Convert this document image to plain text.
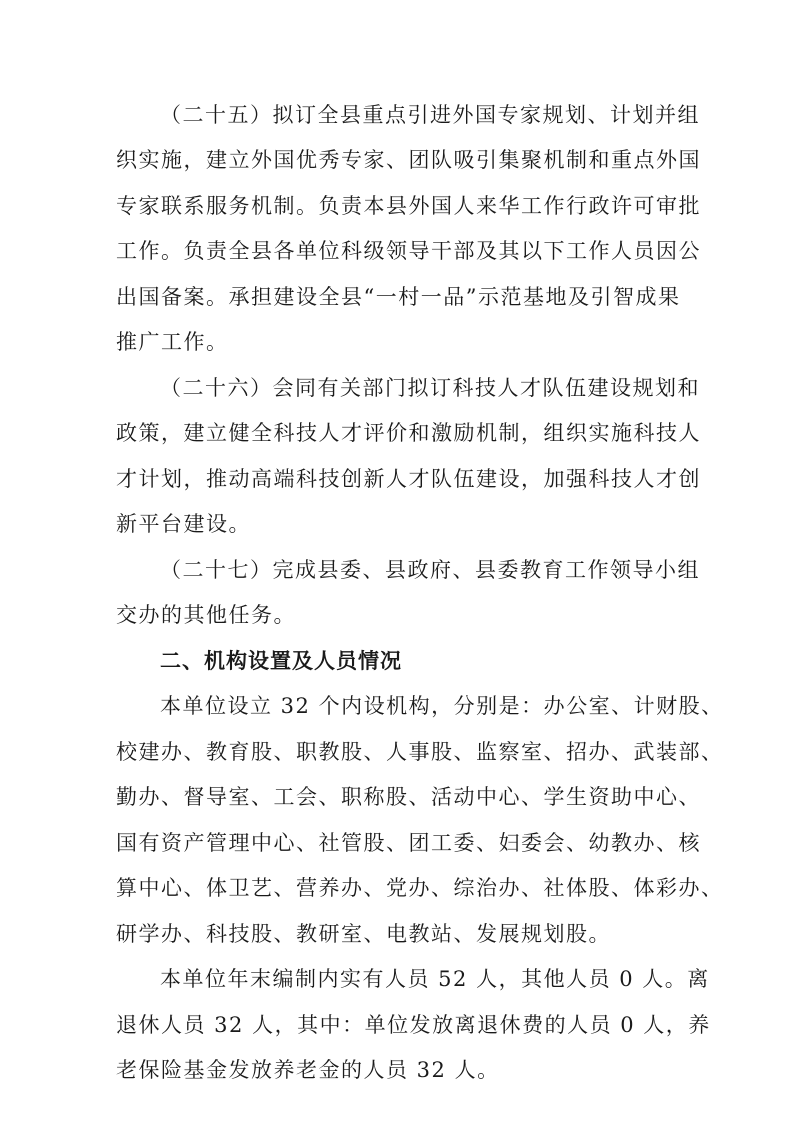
（二十五）拟订全县重点引进外国专家规划、计划并组
织实施，建立外国优秀专家、团队吸引集聚机制和重点外国
专家联系服务机制。负责本县外国人来华工作行政许可审批
工作。负责全县各单位科级领导干部及其以下工作人员因公
出国备案。承担建设全县“一村一品”示范基地及引智成果
推广工作。
（二十六）会同有关部门拟订科技人才队伍建设规划和
政策，建立健全科技人才评价和激励机制，组织实施科技人
才计划，推动高端科技创新人才队伍建设，加强科技人才创
新平台建设。
（二十七）完成县委、县政府、县委教育工作领导小组
交办的其他任务。
二、机构设置及人员情况
本单位设立 32 个内设机构，分别是：办公室、计财股、
校建办、教育股、职教股、人事股、监察室、招办、武装部、
勤办、督导室、工会、职称股、活动中心、学生资助中心、
国有资产管理中心、社管股、团工委、妇委会、幼教办、核
算中心、体卫艺、营养办、党办、综治办、社体股、体彩办、
研学办、科技股、教研室、电教站、发展规划股。
本单位年末编制内实有人员 52 人，其他人员 0 人。离
退休人员 32 人，其中：单位发放离退休费的人员 0 人，养
老保险基金发放养老金的人员 32 人。
